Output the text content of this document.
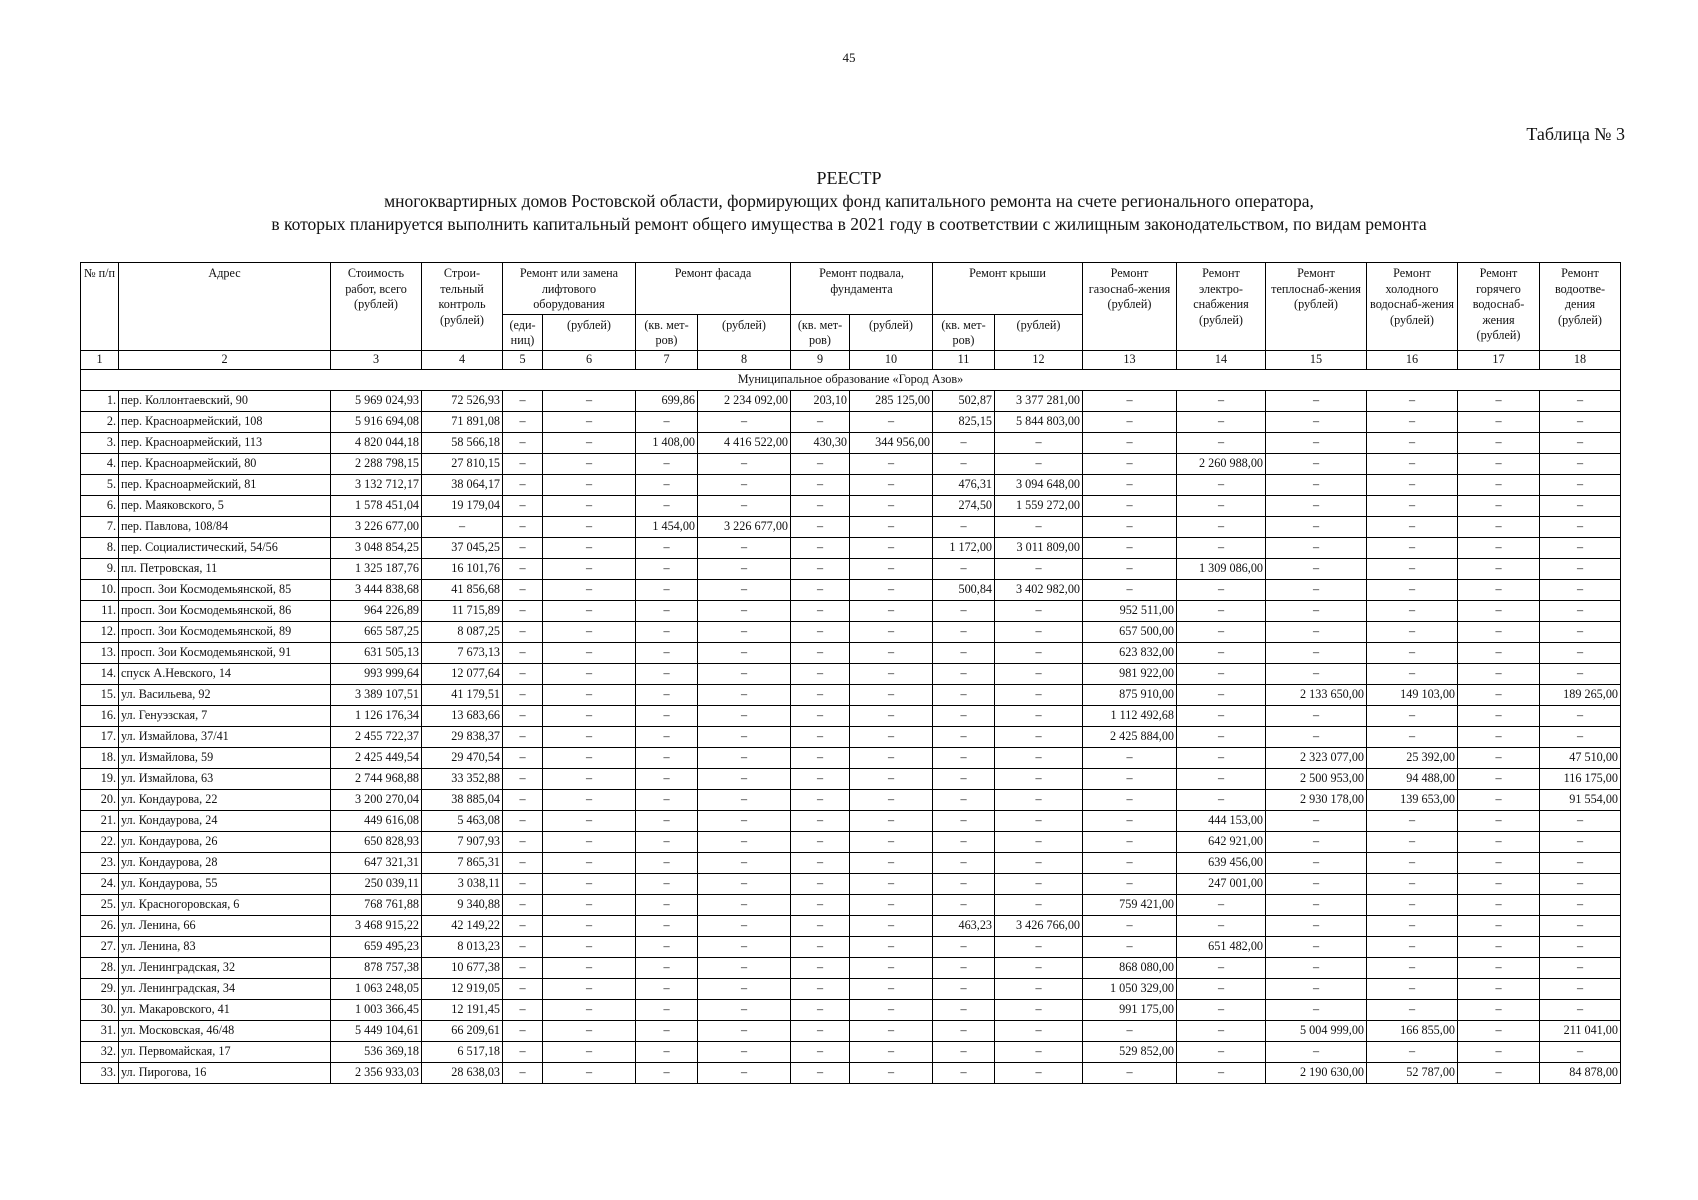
45
Таблица № 3
РЕЕСТР
многоквартирных домов Ростовской области, формирующих фонд капитального ремонта на счете регионального оператора,
в которых планируется выполнить капитальный ремонт общего имущества в 2021 году в соответствии с жилищным законодательством, по видам ремонта
№ п/п	Адрес	Стоимость работ, всего (рублей)	Строи-тельный контроль (рублей)	Ремонт или замена лифтового оборудования		Ремонт фасада		Ремонт подвала, фундамента		Ремонт крыши		Ремонт газоснаб-жения (рублей)	Ремонт электро-снабжения (рублей)	Ремонт теплоснаб-жения (рублей)	Ремонт холодного водоснаб-жения (рублей)	Ремонт горячего водоснаб-жения (рублей)	Ремонт водоотве-дения (рублей)
				(еди-ниц)	(рублей)	(кв. мет-ров)	(рублей)	(кв. мет-ров)	(рублей)	(кв. мет-ров)	(рублей)						
1	2	3	4	5	6	7	8	9	10	11	12	13	14	15	16	17	18
Муниципальное образование «Город Азов»																	
1.	пер. Коллонтаевский, 90	5 969 024,93	72 526,93	–	–	699,86	2 234 092,00	203,10	285 125,00	502,87	3 377 281,00	–	–	–	–	–	–
2.	пер. Красноармейский, 108	5 916 694,08	71 891,08	–	–	–	–	–	–	825,15	5 844 803,00	–	–	–	–	–	–
3.	пер. Красноармейский, 113	4 820 044,18	58 566,18	–	–	1 408,00	4 416 522,00	430,30	344 956,00	–	–	–	–	–	–	–	–
4.	пер. Красноармейский, 80	2 288 798,15	27 810,15	–	–	–	–	–	–	–	–	–	2 260 988,00	–	–	–	–
5.	пер. Красноармейский, 81	3 132 712,17	38 064,17	–	–	–	–	–	–	476,31	3 094 648,00	–	–	–	–	–	–
6.	пер. Маяковского, 5	1 578 451,04	19 179,04	–	–	–	–	–	–	274,50	1 559 272,00	–	–	–	–	–	–
7.	пер. Павлова, 108/84	3 226 677,00	–	–	–	1 454,00	3 226 677,00	–	–	–	–	–	–	–	–	–	–
8.	пер. Социалистический, 54/56	3 048 854,25	37 045,25	–	–	–	–	–	–	1 172,00	3 011 809,00	–	–	–	–	–	–
9.	пл. Петровская, 11	1 325 187,76	16 101,76	–	–	–	–	–	–	–	–	–	1 309 086,00	–	–	–	–
10.	просп. Зои Космодемьянской, 85	3 444 838,68	41 856,68	–	–	–	–	–	–	500,84	3 402 982,00	–	–	–	–	–	–
11.	просп. Зои Космодемьянской, 86	964 226,89	11 715,89	–	–	–	–	–	–	–	–	952 511,00	–	–	–	–	–
12.	просп. Зои Космодемьянской, 89	665 587,25	8 087,25	–	–	–	–	–	–	–	–	657 500,00	–	–	–	–	–
13.	просп. Зои Космодемьянской, 91	631 505,13	7 673,13	–	–	–	–	–	–	–	–	623 832,00	–	–	–	–	–
14.	спуск А.Невского, 14	993 999,64	12 077,64	–	–	–	–	–	–	–	–	981 922,00	–	–	–	–	–
15.	ул. Васильева, 92	3 389 107,51	41 179,51	–	–	–	–	–	–	–	–	875 910,00	–	2 133 650,00	149 103,00	–	189 265,00
16.	ул. Генуэзская, 7	1 126 176,34	13 683,66	–	–	–	–	–	–	–	–	1 112 492,68	–	–	–	–	–
17.	ул. Измайлова, 37/41	2 455 722,37	29 838,37	–	–	–	–	–	–	–	–	2 425 884,00	–	–	–	–	–
18.	ул. Измайлова, 59	2 425 449,54	29 470,54	–	–	–	–	–	–	–	–	–	–	2 323 077,00	25 392,00	–	47 510,00
19.	ул. Измайлова, 63	2 744 968,88	33 352,88	–	–	–	–	–	–	–	–	–	–	2 500 953,00	94 488,00	–	116 175,00
20.	ул. Кондаурова, 22	3 200 270,04	38 885,04	–	–	–	–	–	–	–	–	–	–	2 930 178,00	139 653,00	–	91 554,00
21.	ул. Кондаурова, 24	449 616,08	5 463,08	–	–	–	–	–	–	–	–	–	444 153,00	–	–	–	–
22.	ул. Кондаурова, 26	650 828,93	7 907,93	–	–	–	–	–	–	–	–	–	642 921,00	–	–	–	–
23.	ул. Кондаурова, 28	647 321,31	7 865,31	–	–	–	–	–	–	–	–	–	639 456,00	–	–	–	–
24.	ул. Кондаурова, 55	250 039,11	3 038,11	–	–	–	–	–	–	–	–	–	247 001,00	–	–	–	–
25.	ул. Красногоровская, 6	768 761,88	9 340,88	–	–	–	–	–	–	–	–	759 421,00	–	–	–	–	–
26.	ул. Ленина, 66	3 468 915,22	42 149,22	–	–	–	–	–	–	463,23	3 426 766,00	–	–	–	–	–	–
27.	ул. Ленина, 83	659 495,23	8 013,23	–	–	–	–	–	–	–	–	–	651 482,00	–	–	–	–
28.	ул. Ленинградская, 32	878 757,38	10 677,38	–	–	–	–	–	–	–	–	868 080,00	–	–	–	–	–
29.	ул. Ленинградская, 34	1 063 248,05	12 919,05	–	–	–	–	–	–	–	–	1 050 329,00	–	–	–	–	–
30.	ул. Макаровского, 41	1 003 366,45	12 191,45	–	–	–	–	–	–	–	–	991 175,00	–	–	–	–	–
31.	ул. Московская, 46/48	5 449 104,61	66 209,61	–	–	–	–	–	–	–	–	–	–	5 004 999,00	166 855,00	–	211 041,00
32.	ул. Первомайская, 17	536 369,18	6 517,18	–	–	–	–	–	–	–	–	529 852,00	–	–	–	–	–
33.	ул. Пирогова, 16	2 356 933,03	28 638,03	–	–	–	–	–	–	–	–	–	–	2 190 630,00	52 787,00	–	84 878,00
